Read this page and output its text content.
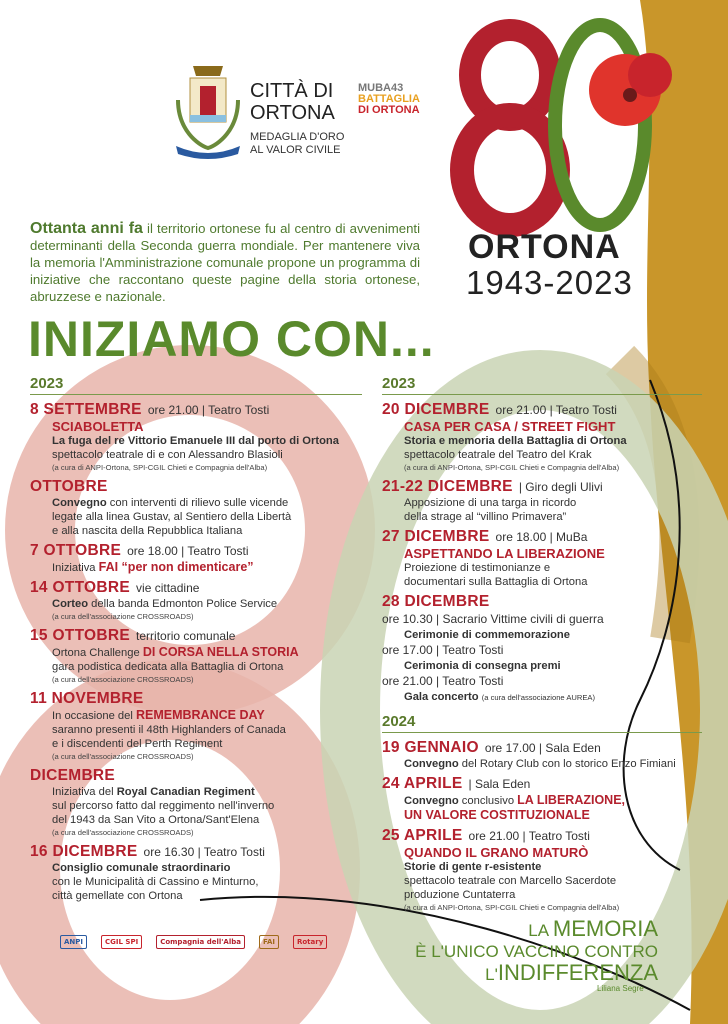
CITTÀ DI
ORTONA
MEDAGLIA D'ORO
AL VALOR CIVILE
MUBA43
BATTAGLIA
DI ORTONA
ORTONA
1943-2023
Ottanta anni fa il territorio ortonese fu al centro di avvenimenti determinanti della Seconda guerra mondiale. Per mantenere viva la memoria l'Amministrazione comunale propone un programma di iniziative che raccontano queste pagine della storia ortonese, abruzzese e nazionale.
INIZIAMO CON...
2023
8 SETTEMBRE ore 21.00 | Teatro Tosti
SCIABOLETTA
La fuga del re Vittorio Emanuele III dal porto di Ortona
spettacolo teatrale di e con Alessandro Blasioli
(a cura di ANPI-Ortona, SPI-CGIL Chieti e Compagnia dell'Alba)
OTTOBRE
Convegno con interventi di rilievo sulle vicende
legate alla linea Gustav, al Sentiero della Libertà
e alla nascita della Repubblica Italiana
7 OTTOBRE ore 18.00 | Teatro Tosti
Iniziativa FAI “per non dimenticare”
14 OTTOBRE vie cittadine
Corteo della banda Edmonton Police Service
(a cura dell'associazione CROSSROADS)
15 OTTOBRE territorio comunale
Ortona Challenge DI CORSA NELLA STORIA
gara podistica dedicata alla Battaglia di Ortona
(a cura dell'associazione CROSSROADS)
11 NOVEMBRE
In occasione del REMEMBRANCE DAY
saranno presenti il 48th Highlanders of Canada
e i discendenti del Perth Regiment
(a cura dell'associazione CROSSROADS)
DICEMBRE
Iniziativa del Royal Canadian Regiment
sul percorso fatto dal reggimento nell'inverno
del 1943 da San Vito a Ortona/Sant'Elena
(a cura dell'associazione CROSSROADS)
16 DICEMBRE ore 16.30 | Teatro Tosti
Consiglio comunale straordinario
con le Municipalità di Cassino e Minturno,
città gemellate con Ortona
2023
20 DICEMBRE ore 21.00 | Teatro Tosti
CASA PER CASA / STREET FIGHT
Storia e memoria della Battaglia di Ortona
spettacolo teatrale del Teatro del Krak
(a cura di ANPI-Ortona, SPI-CGIL Chieti e Compagnia dell'Alba)
21-22 DICEMBRE | Giro degli Ulivi
Apposizione di una targa in ricordo
della strage al “villino Primavera”
27 DICEMBRE ore 18.00 | MuBa
ASPETTANDO LA LIBERAZIONE
Proiezione di testimonianze e
documentari sulla Battaglia di Ortona
28 DICEMBRE
ore 10.30 | Sacrario Vittime civili di guerra
Cerimonie di commemorazione
ore 17.00 | Teatro Tosti
Cerimonia di consegna premi
ore 21.00 | Teatro Tosti
Gala concerto (a cura dell'associazione AUREA)
2024
19 GENNAIO ore 17.00 | Sala Eden
Convegno del Rotary Club con lo storico Enzo Fimiani
24 APRILE | Sala Eden
Convegno conclusivo LA LIBERAZIONE,
UN VALORE COSTITUZIONALE
25 APRILE ore 21.00 | Teatro Tosti
QUANDO IL GRANO MATURÒ
Storie di gente r-esistente
spettacolo teatrale con Marcello Sacerdote
produzione Cuntaterra
(a cura di ANPI-Ortona, SPI-CGIL Chieti e Compagnia dell'Alba)
ANPI	CGIL SPI	Compagnia dell'Alba	FAI	Rotary
LA MEMORIA
È L'UNICO VACCINO CONTRO
L'INDIFFERENZA
Liliana Segre
